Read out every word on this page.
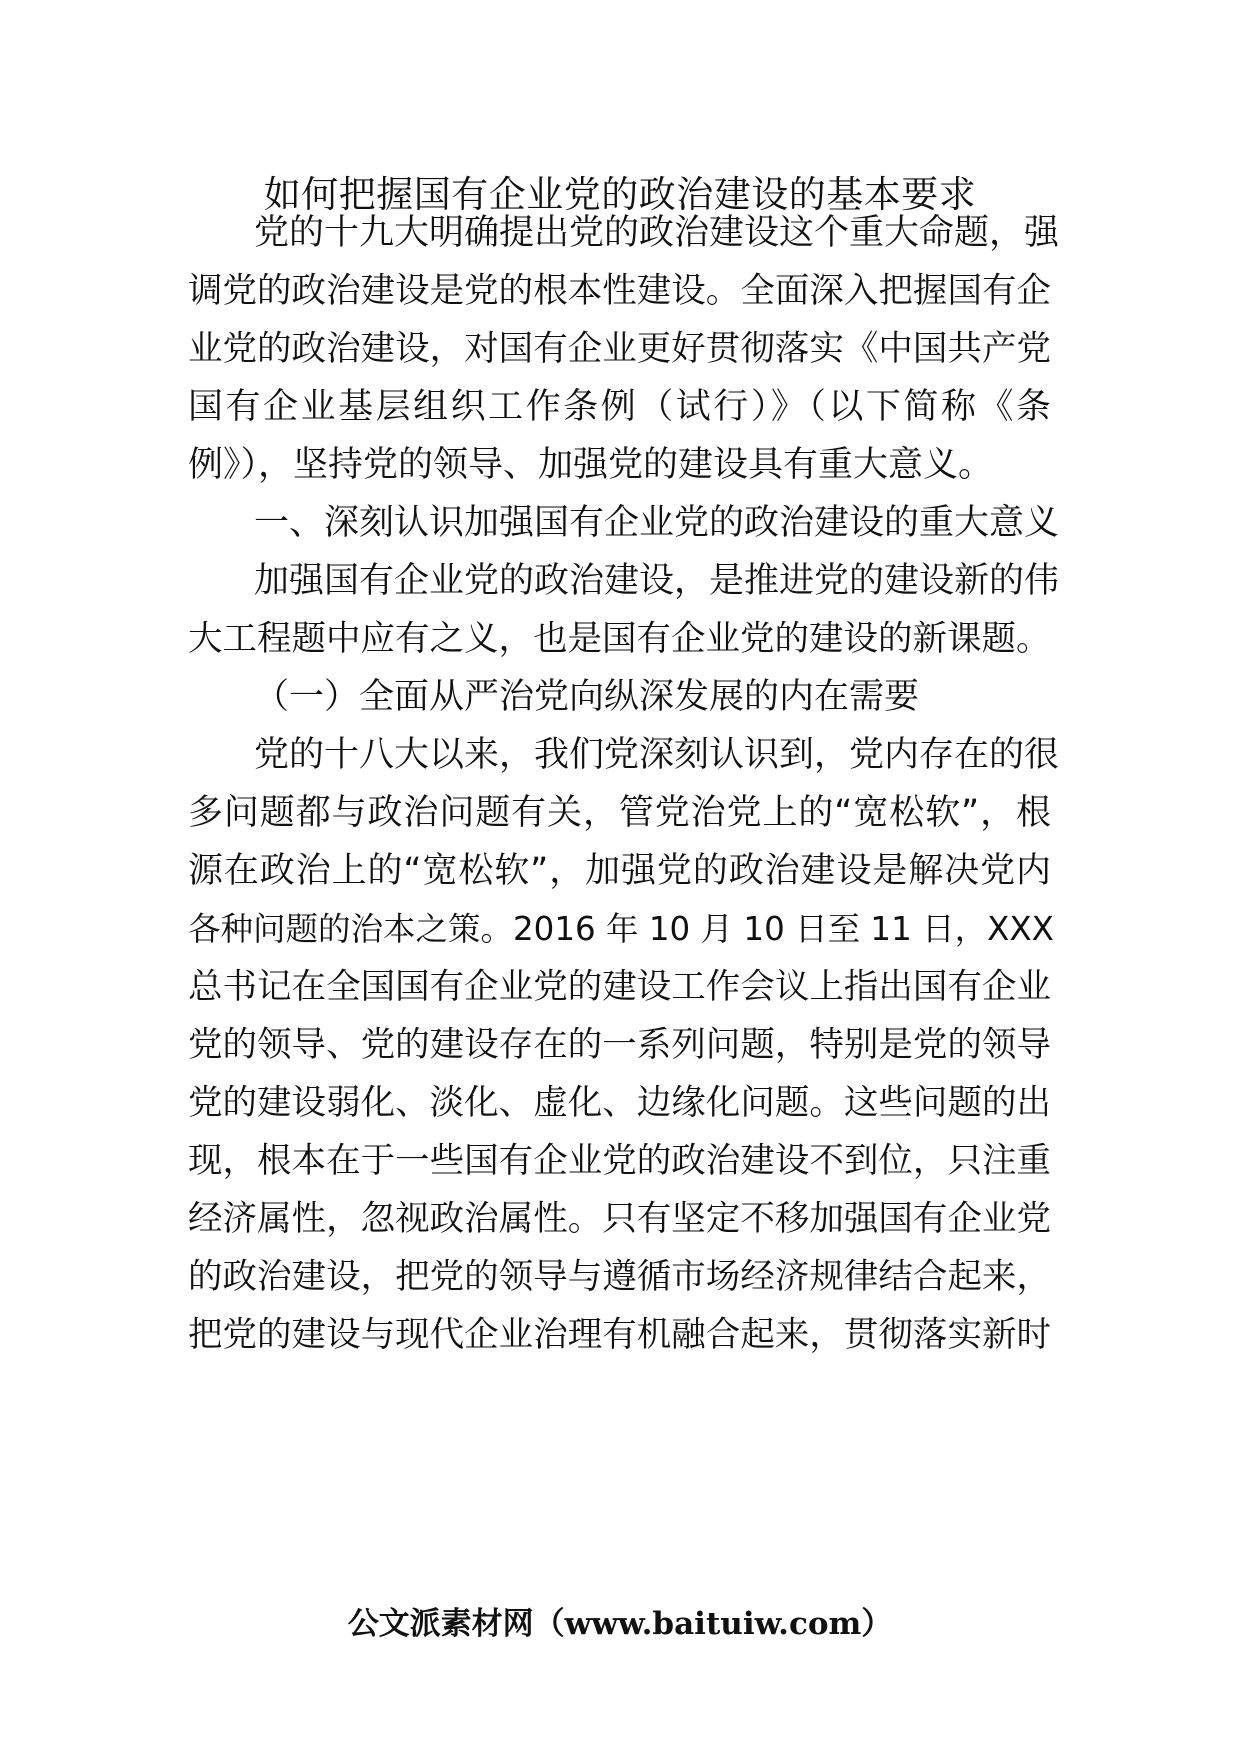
如何把握国有企业党的政治建设的基本要求

党的十九大明确提出党的政治建设这个重大命题，强

调党的政治建设是党的根本性建设。全面深入把握国有企

业党的政治建设，对国有企业更好贯彻落实《中国共产党

国有企业基层组织工作条例（试行）》（以下简称《条

例》），坚持党的领导、加强党的建设具有重大意义。

一、深刻认识加强国有企业党的政治建设的重大意义

加强国有企业党的政治建设，是推进党的建设新的伟

大工程题中应有之义，也是国有企业党的建设的新课题。

（一）全面从严治党向纵深发展的内在需要

党的十八大以来，我们党深刻认识到，党内存在的很

多问题都与政治问题有关，管党治党上的“宽松软”，根

源在政治上的“宽松软”，加强党的政治建设是解决党内

各种问题的治本之策。2016 年 10 月 10 日至 11 日，XXX

总书记在全国国有企业党的建设工作会议上指出国有企业

党的领导、党的建设存在的一系列问题，特别是党的领导

党的建设弱化、淡化、虚化、边缘化问题。这些问题的出

现，根本在于一些国有企业党的政治建设不到位，只注重

经济属性，忽视政治属性。只有坚定不移加强国有企业党

的政治建设，把党的领导与遵循市场经济规律结合起来，

把党的建设与现代企业治理有机融合起来，贯彻落实新时

公文派素材网（www.baituiw.com）
